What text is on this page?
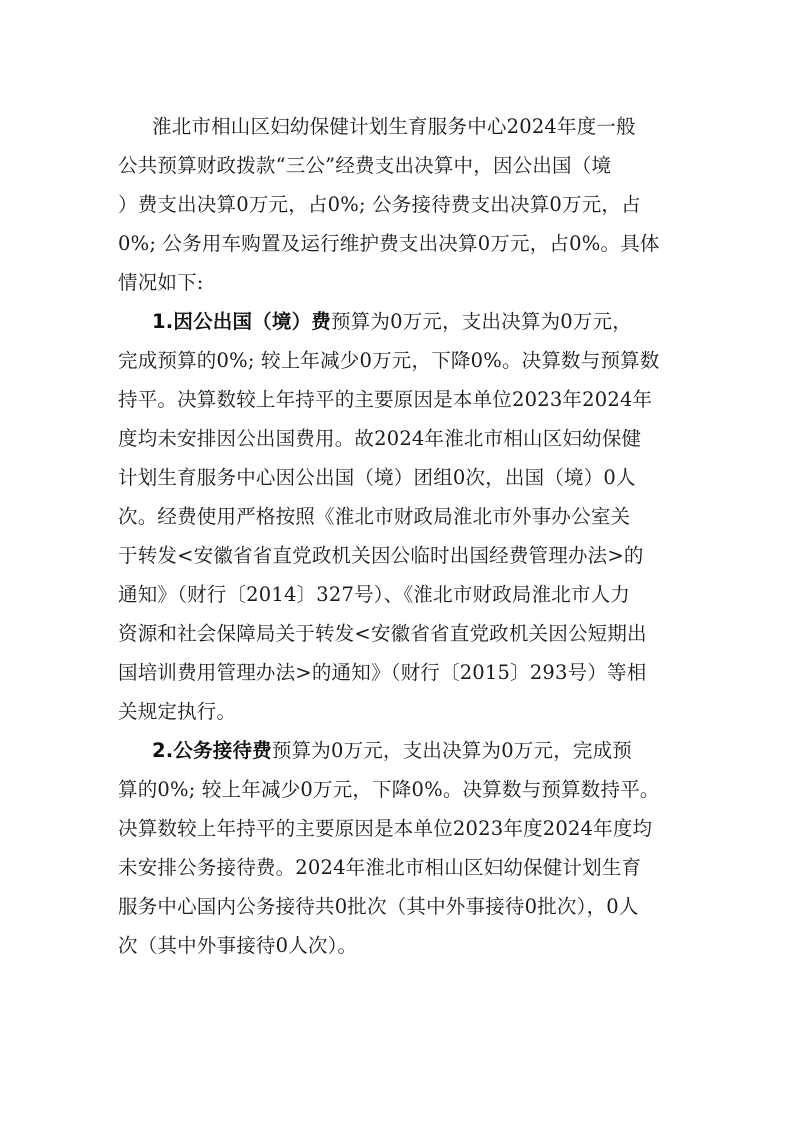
淮北市相山区妇幼保健计划生育服务中心2024年度一般
公共预算财政拨款“三公”经费支出决算中，因公出国（境
）费支出决算0万元，占0%; 公务接待费支出决算0万元，占
0%; 公务用车购置及运行维护费支出决算0万元，占0%。具体
情况如下:
1.因公出国（境）费预算为0万元，支出决算为0万元，
完成预算的0%; 较上年减少0万元，下降0%。决算数与预算数
持平。决算数较上年持平的主要原因是本单位2023年2024年
度均未安排因公出国费用。故2024年淮北市相山区妇幼保健
计划生育服务中心因公出国（境）团组0次，出国（境）0人
次。经费使用严格按照《淮北市财政局淮北市外事办公室关
于转发<安徽省省直党政机关因公临时出国经费管理办法>的
通知》（财行〔2014〕327号）、《淮北市财政局淮北市人力
资源和社会保障局关于转发<安徽省省直党政机关因公短期出
国培训费用管理办法>的通知》（财行〔2015〕293号）等相
关规定执行。
2.公务接待费预算为0万元，支出决算为0万元，完成预
算的0%; 较上年减少0万元，下降0%。决算数与预算数持平。
决算数较上年持平的主要原因是本单位2023年度2024年度均
未安排公务接待费。2024年淮北市相山区妇幼保健计划生育
服务中心国内公务接待共0批次（其中外事接待0批次），0人
次（其中外事接待0人次）。
